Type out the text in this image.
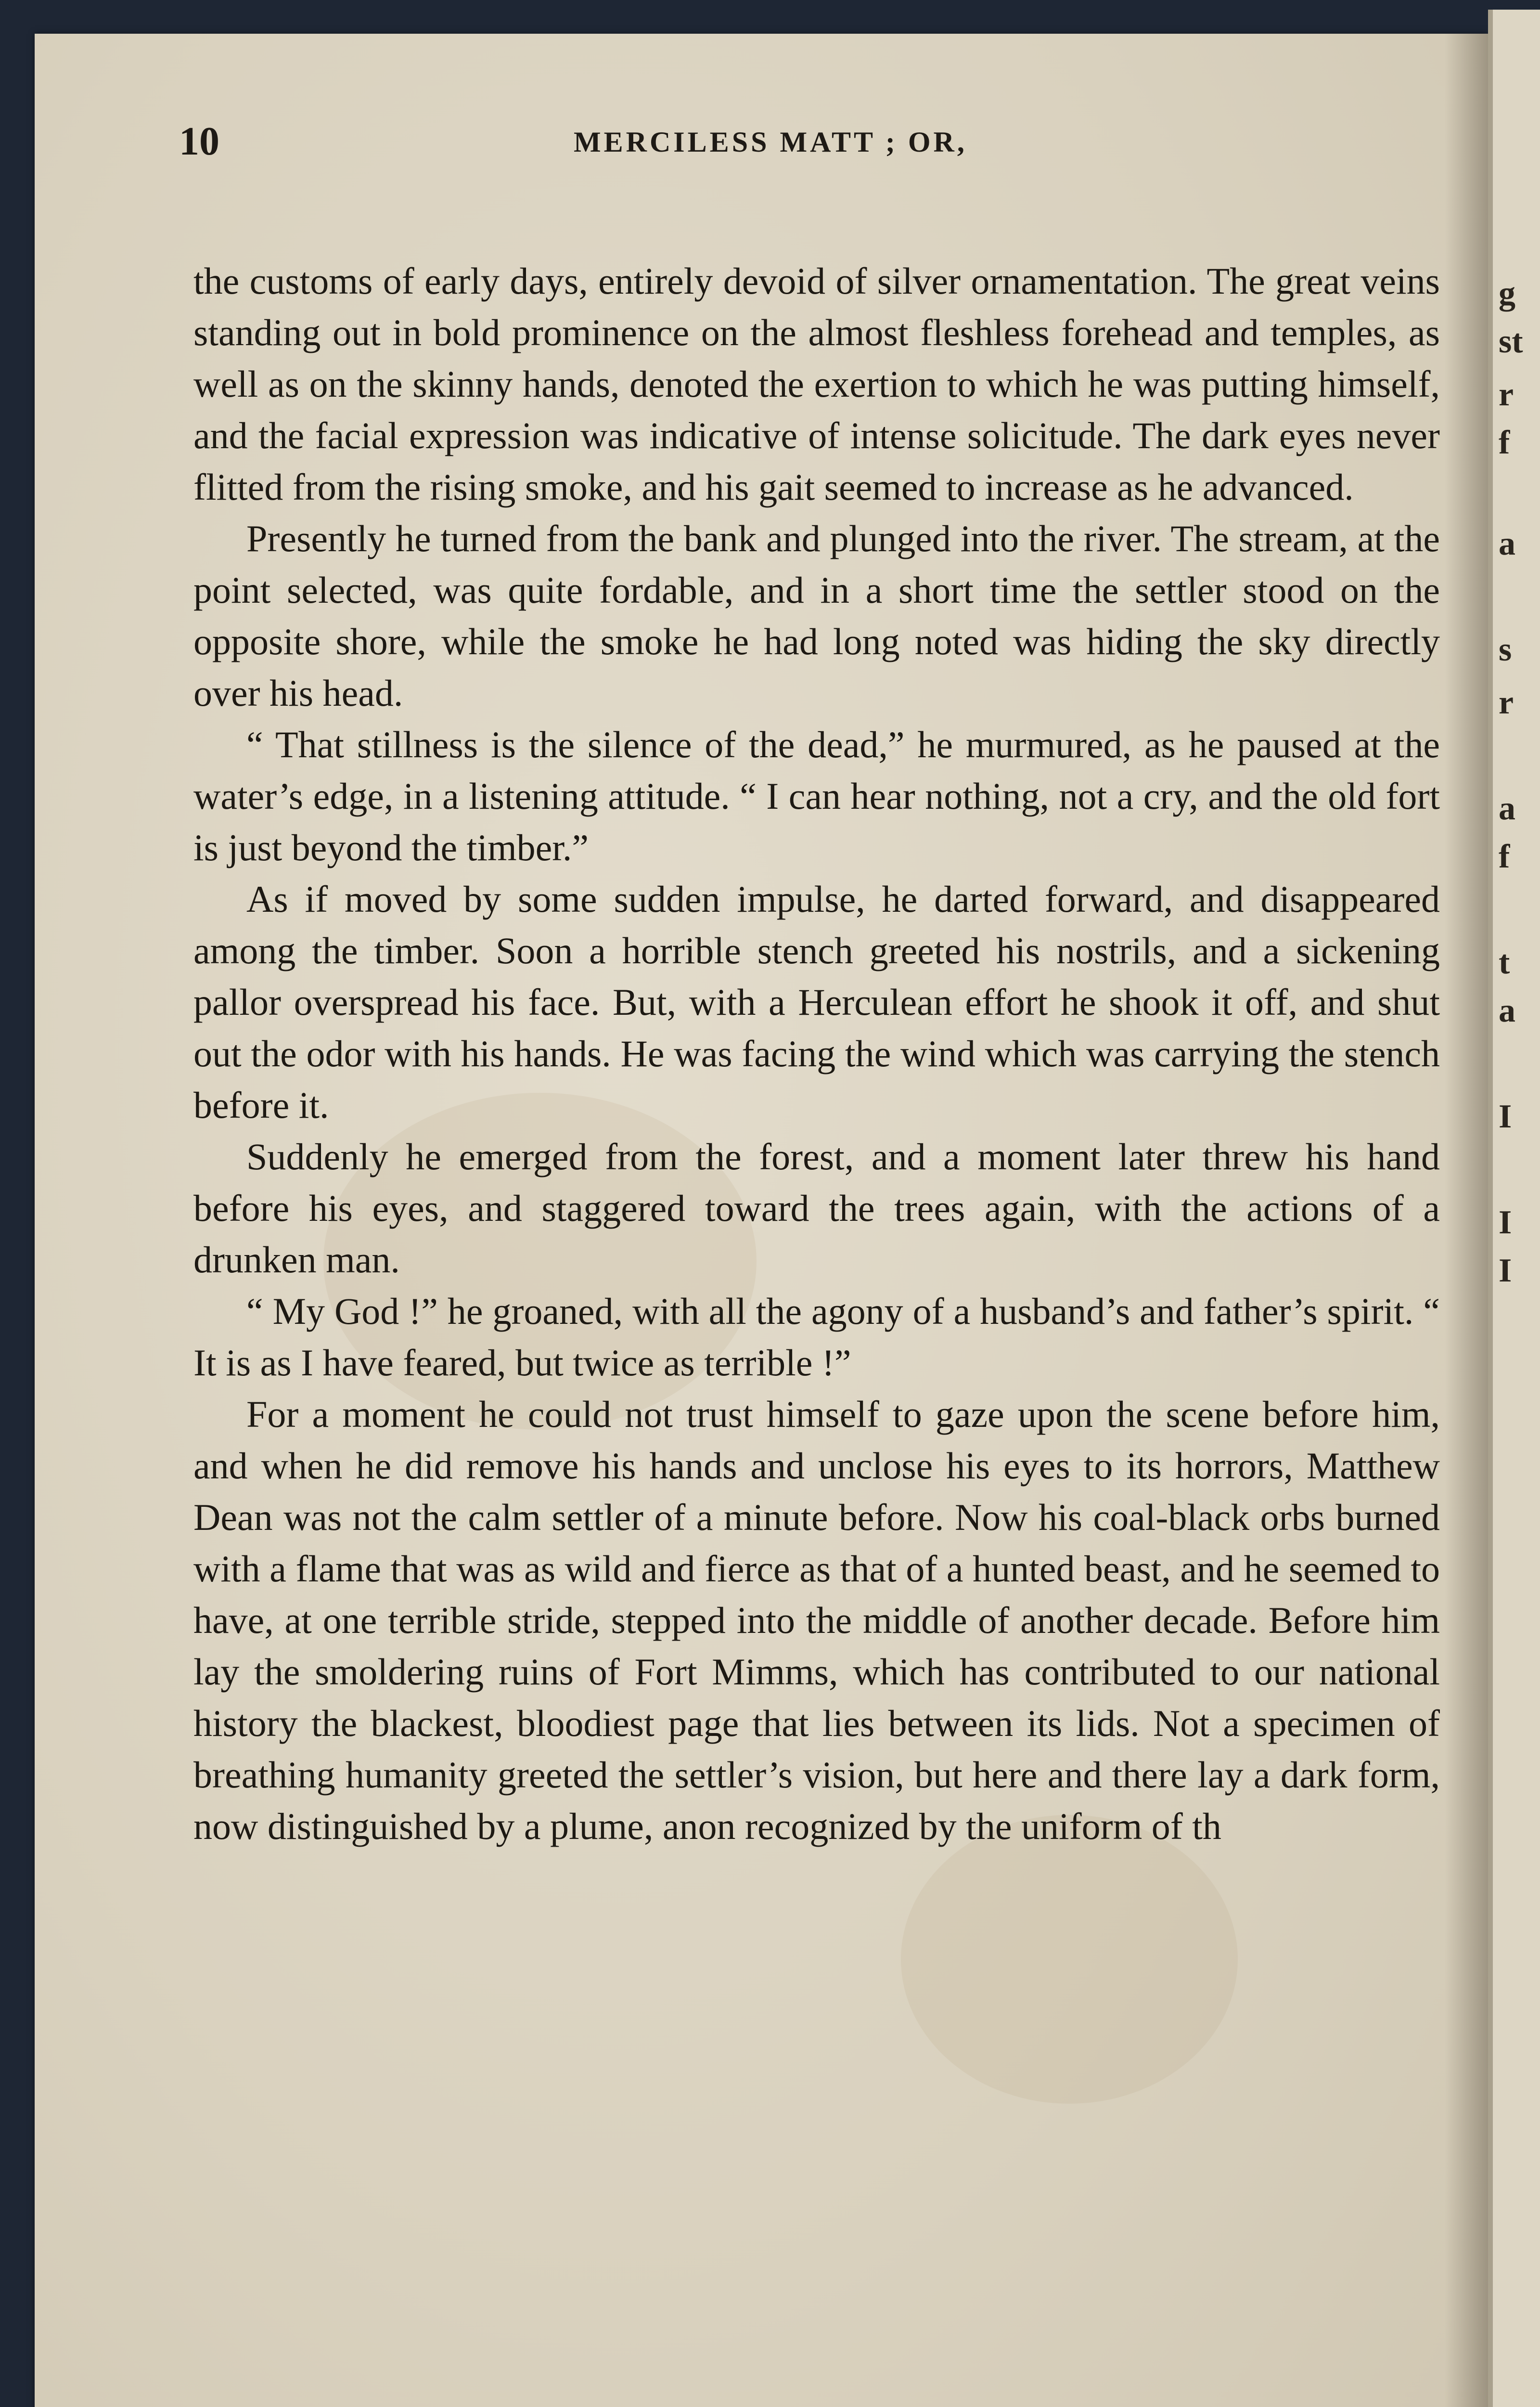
10	MERCILESS MATT ; OR,

the customs of early days, entirely devoid of silver ornamentation. The great veins standing out in bold prominence on the almost fleshless forehead and temples, as well as on the skinny hands, denoted the exertion to which he was putting himself, and the facial expression was indicative of intense solicitude. The dark eyes never flitted from the rising smoke, and his gait seemed to increase as he advanced.

Presently he turned from the bank and plunged into the river. The stream, at the point selected, was quite fordable, and in a short time the settler stood on the opposite shore, while the smoke he had long noted was hiding the sky directly over his head.

“ That stillness is the silence of the dead,” he murmured, as he paused at the water’s edge, in a listening attitude. “ I can hear nothing, not a cry, and the old fort is just beyond the timber.”

As if moved by some sudden impulse, he darted forward, and disappeared among the timber. Soon a horrible stench greeted his nostrils, and a sickening pallor overspread his face. But, with a Herculean effort he shook it off, and shut out the odor with his hands. He was facing the wind which was carrying the stench before it.

Suddenly he emerged from the forest, and a moment later threw his hand before his eyes, and staggered toward the trees again, with the actions of a drunken man.

“ My God !” he groaned, with all the agony of a husband’s and father’s spirit. “ It is as I have feared, but twice as terrible !”

For a moment he could not trust himself to gaze upon the scene before him, and when he did remove his hands and unclose his eyes to its horrors, Matthew Dean was not the calm settler of a minute before. Now his coal-black orbs burned with a flame that was as wild and fierce as that of a hunted beast, and he seemed to have, at one terrible stride, stepped into the middle of another decade. Before him lay the smoldering ruins of Fort Mimms, which has contributed to our national history the blackest, bloodiest page that lies between its lids. Not a specimen of breathing humanity greeted the settler’s vision, but here and there lay a dark form, now distinguished by a plume, anon recognized by the uniform of th

g
st
r
f
a
s
r
a
f
t
a
I
I
I
